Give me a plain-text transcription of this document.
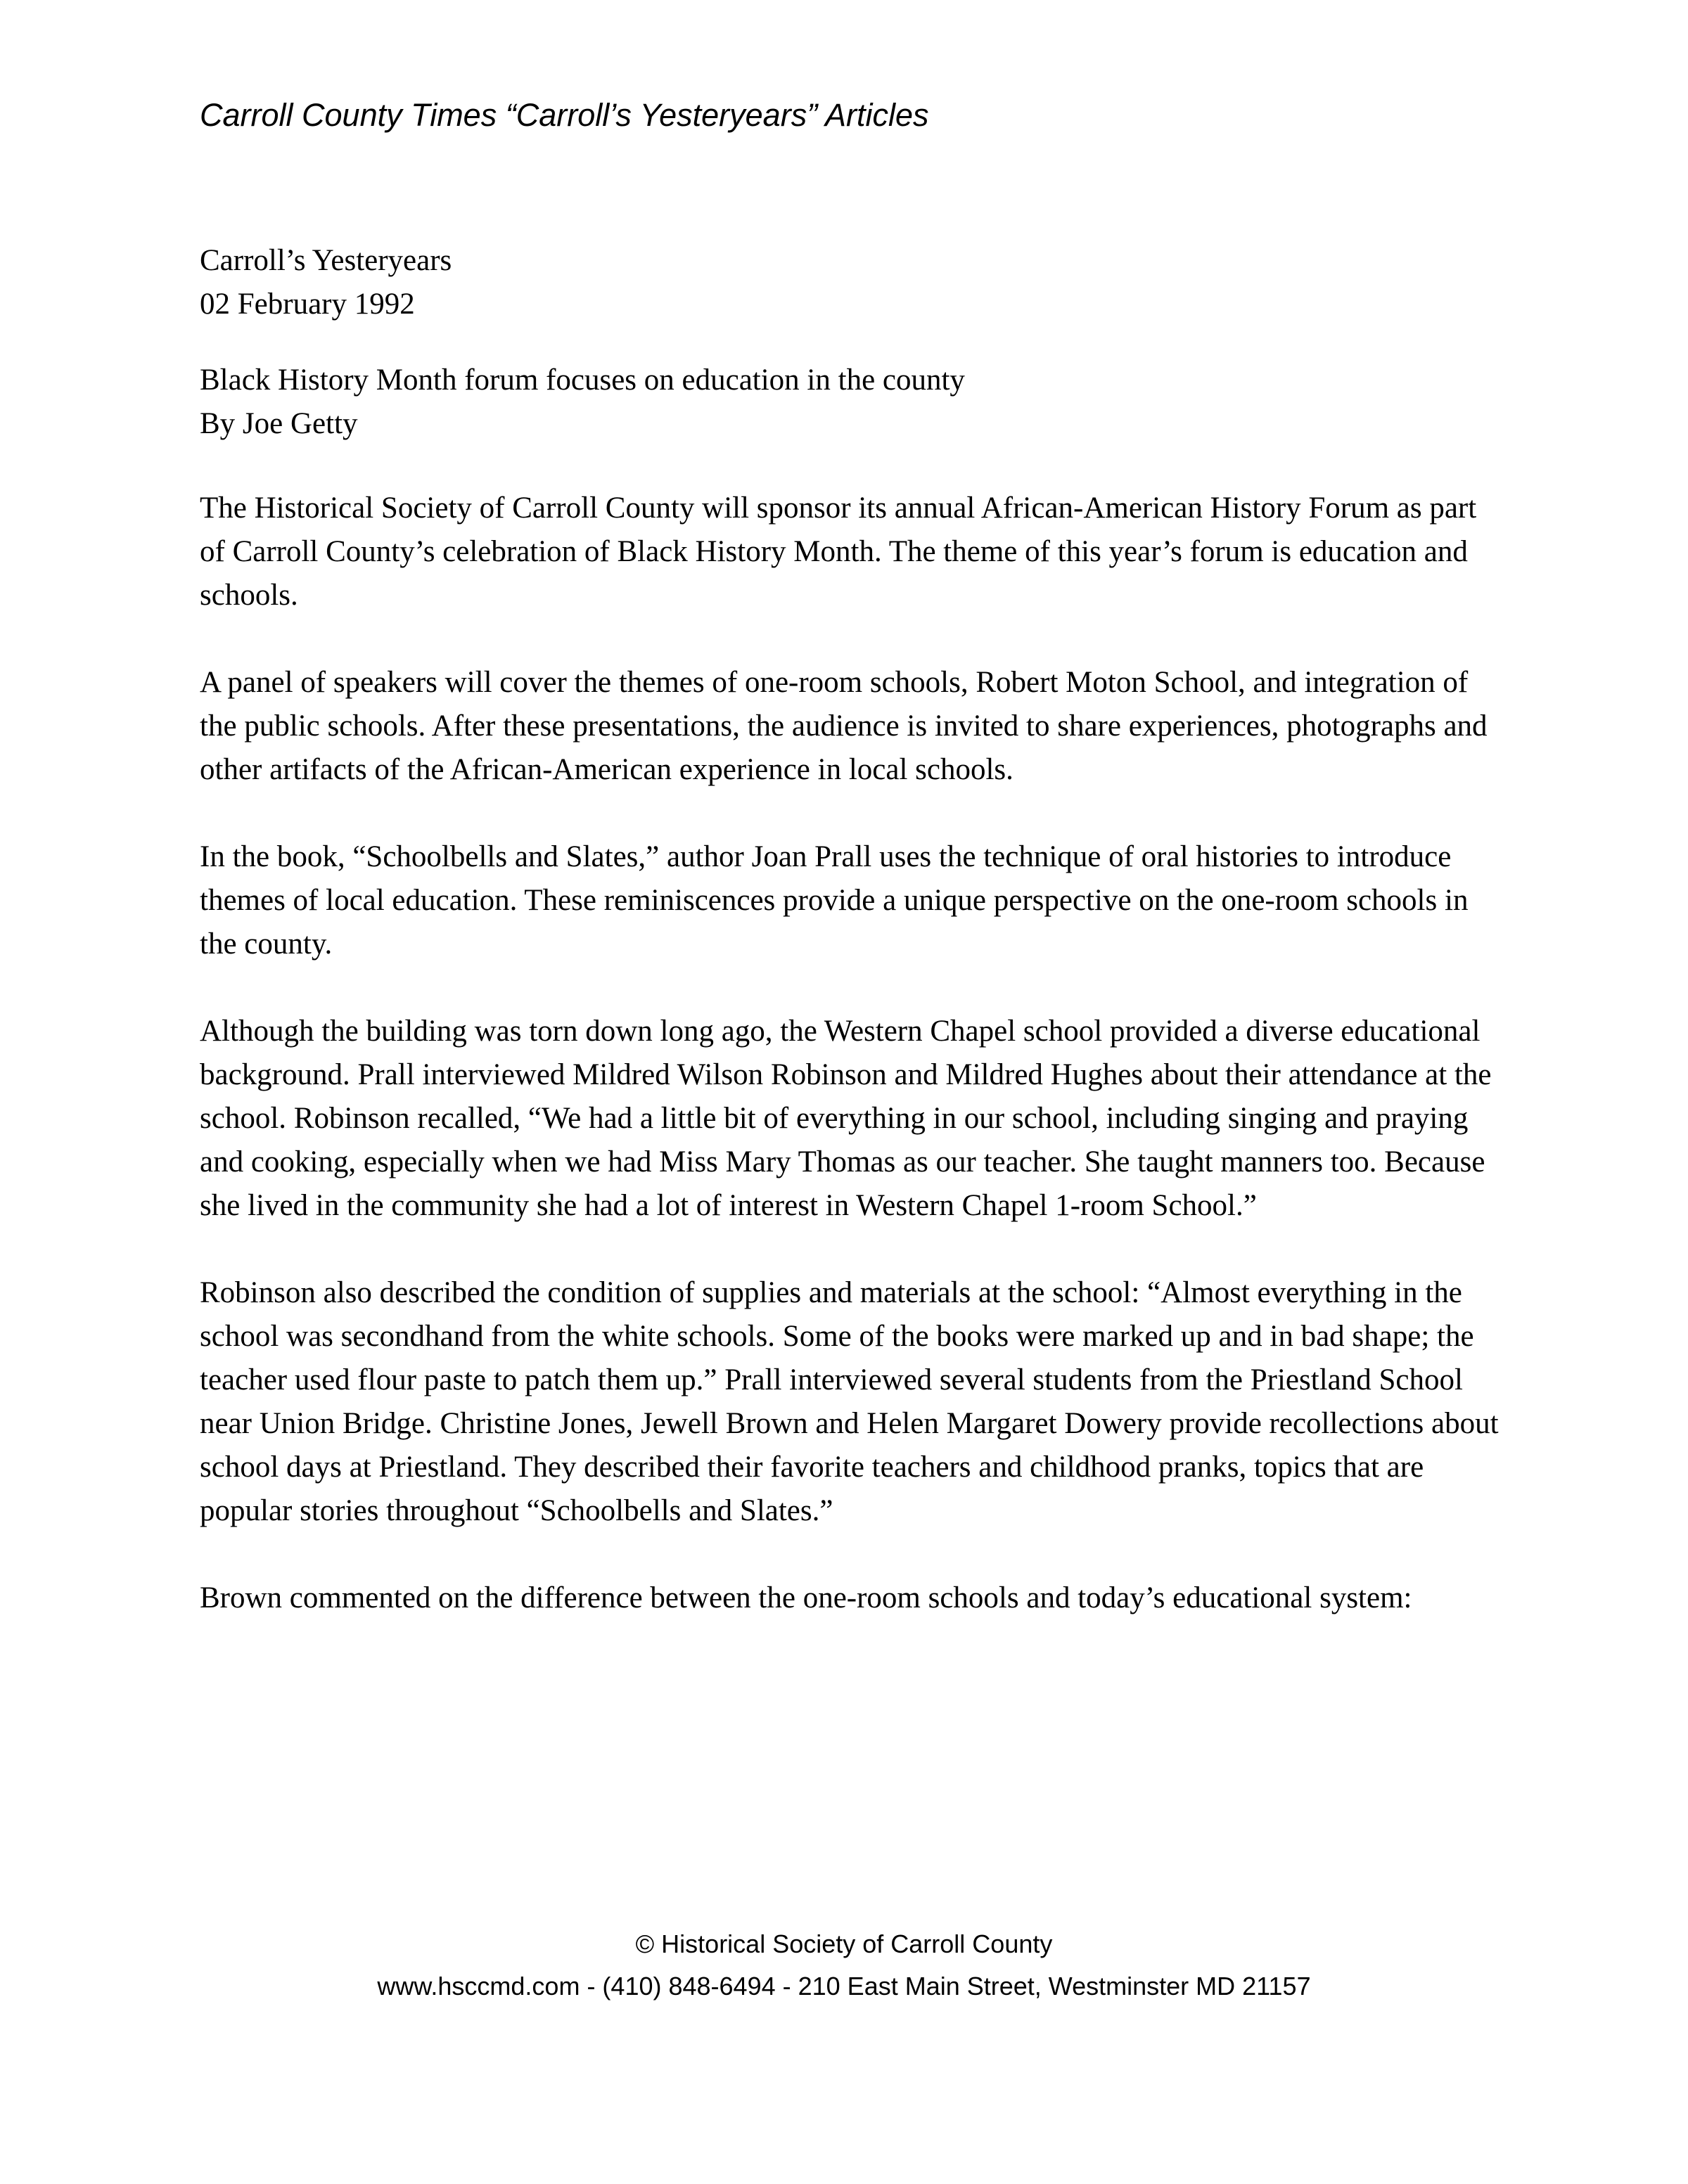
Carroll County Times “Carroll’s Yesteryears” Articles
Carroll’s Yesteryears
02 February 1992
Black History Month forum focuses on education in the county
By Joe Getty

The Historical Society of Carroll County will sponsor its annual African-American History Forum as part of Carroll County’s celebration of Black History Month. The theme of this year’s forum is education and schools.

A panel of speakers will cover the themes of one-room schools, Robert Moton School, and integration of the public schools. After these presentations, the audience is invited to share experiences, photographs and other artifacts of the African-American experience in local schools.

In the book, “Schoolbells and Slates,” author Joan Prall uses the technique of oral histories to introduce themes of local education. These reminiscences provide a unique perspective on the one-room schools in the county.

Although the building was torn down long ago, the Western Chapel school provided a diverse educational background. Prall interviewed Mildred Wilson Robinson and Mildred Hughes about their attendance at the school. Robinson recalled, “We had a little bit of everything in our school, including singing and praying and cooking, especially when we had Miss Mary Thomas as our teacher. She taught manners too. Because she lived in the community she had a lot of interest in Western Chapel 1-room School.”

Robinson also described the condition of supplies and materials at the school: “Almost everything in the school was secondhand from the white schools. Some of the books were marked up and in bad shape; the teacher used flour paste to patch them up.” Prall interviewed several students from the Priestland School near Union Bridge. Christine Jones, Jewell Brown and Helen Margaret Dowery provide recollections about school days at Priestland. They described their favorite teachers and childhood pranks, topics that are popular stories throughout “Schoolbells and Slates.”

Brown commented on the difference between the one-room schools and today’s educational system:

© Historical Society of Carroll County
www.hsccmd.com - (410) 848-6494 - 210 East Main Street, Westminster MD 21157
